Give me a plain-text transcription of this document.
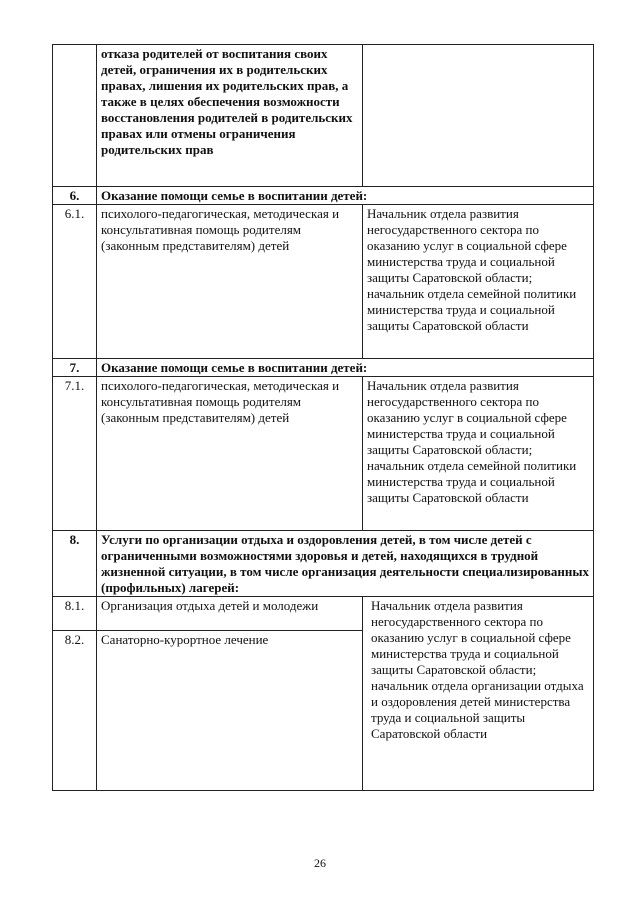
	отказа родителей от воспитания своих детей, ограничения их в родительских правах, лишения их родительских прав, а также в целях обеспечения возможности восстановления родителей в родительских правах или отмены ограничения родительских прав	
6.	Оказание помощи семье в воспитании детей:	
6.1.	психолого-педагогическая, методическая и консультативная помощь родителям (законным представителям) детей	Начальник отдела развития негосударственного сектора по оказанию услуг в социальной сфере министерства труда и социальной защиты Саратовской области; начальник отдела семейной политики министерства труда и социальной защиты Саратовской области
7.	Оказание помощи семье в воспитании детей:	
7.1.	психолого-педагогическая, методическая и консультативная помощь родителям (законным представителям) детей	Начальник отдела развития негосударственного сектора по оказанию услуг в социальной сфере министерства труда и социальной защиты Саратовской области; начальник отдела семейной политики министерства труда и социальной защиты Саратовской области
8.	Услуги по организации отдыха и оздоровления детей, в том числе детей с ограниченными возможностями здоровья и детей, находящихся в трудной жизненной ситуации, в том числе организация деятельности специализированных (профильных) лагерей:	
8.1.	Организация отдыха детей и молодежи	Начальник отдела развития негосударственного сектора по оказанию услуг в социальной сфере министерства труда и социальной защиты Саратовской области; начальник отдела организации отдыха и оздоровления детей министерства труда и социальной защиты Саратовской области
8.2.	Санаторно-курортное лечение	
26
